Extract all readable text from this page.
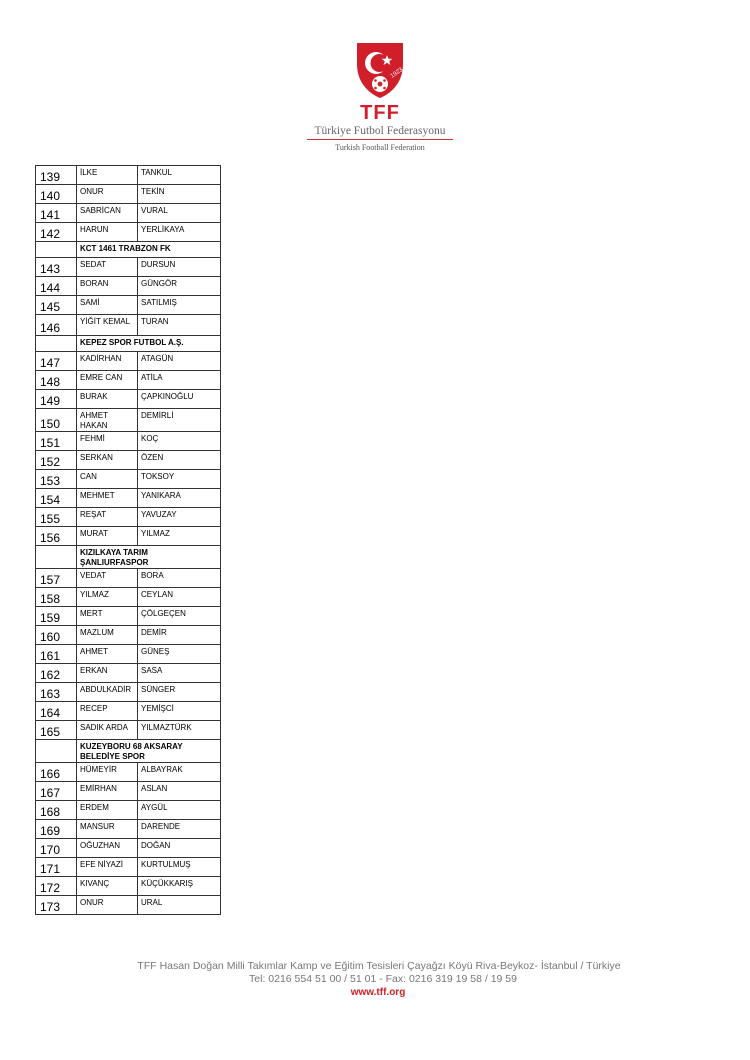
1923
TFF
Türkiye Futbol Federasyonu
Turkish Football Federation
139	İLKE	TANKUL
140	ONUR	TEKİN
141	SABRİCAN	VURAL
142	HARUN	YERLİKAYA
	KCT 1461 TRABZON FK	
143	SEDAT	DURSUN
144	BORAN	GÜNGÖR
145	SAMİ	SATILMIŞ
146	YİĞİT KEMAL	TURAN
	KEPEZ SPOR FUTBOL A.Ş.	
147	KADİRHAN	ATAGÜN
148	EMRE CAN	ATİLA
149	BURAK	ÇAPKINOĞLU
150	AHMET HAKAN	DEMİRLİ
151	FEHMİ	KOÇ
152	SERKAN	ÖZEN
153	CAN	TOKSOY
154	MEHMET	YANIKARA
155	REŞAT	YAVUZAY
156	MURAT	YILMAZ
	KIZILKAYA TARIM ŞANLIURFASPOR	
157	VEDAT	BORA
158	YILMAZ	CEYLAN
159	MERT	ÇÖLGEÇEN
160	MAZLUM	DEMİR
161	AHMET	GÜNEŞ
162	ERKAN	SASA
163	ABDULKADİR	SÜNGER
164	RECEP	YEMİŞCİ
165	SADIK ARDA	YILMAZTÜRK
	KUZEYBORU 68 AKSARAY BELEDİYE SPOR	
166	HÜMEYİR	ALBAYRAK
167	EMİRHAN	ASLAN
168	ERDEM	AYGÜL
169	MANSUR	DARENDE
170	OĞUZHAN	DOĞAN
171	EFE NİYAZİ	KURTULMUŞ
172	KIVANÇ	KÜÇÜKKARIŞ
173	ONUR	URAL
TFF Hasan Doğan Milli Takımlar Kamp ve Eğitim Tesisleri Çayağzı Köyü Riva-Beykoz- İstanbul / Türkiye
Tel: 0216 554 51 00 / 51 01 - Fax: 0216 319 19 58 / 19 59
www.tff.org
